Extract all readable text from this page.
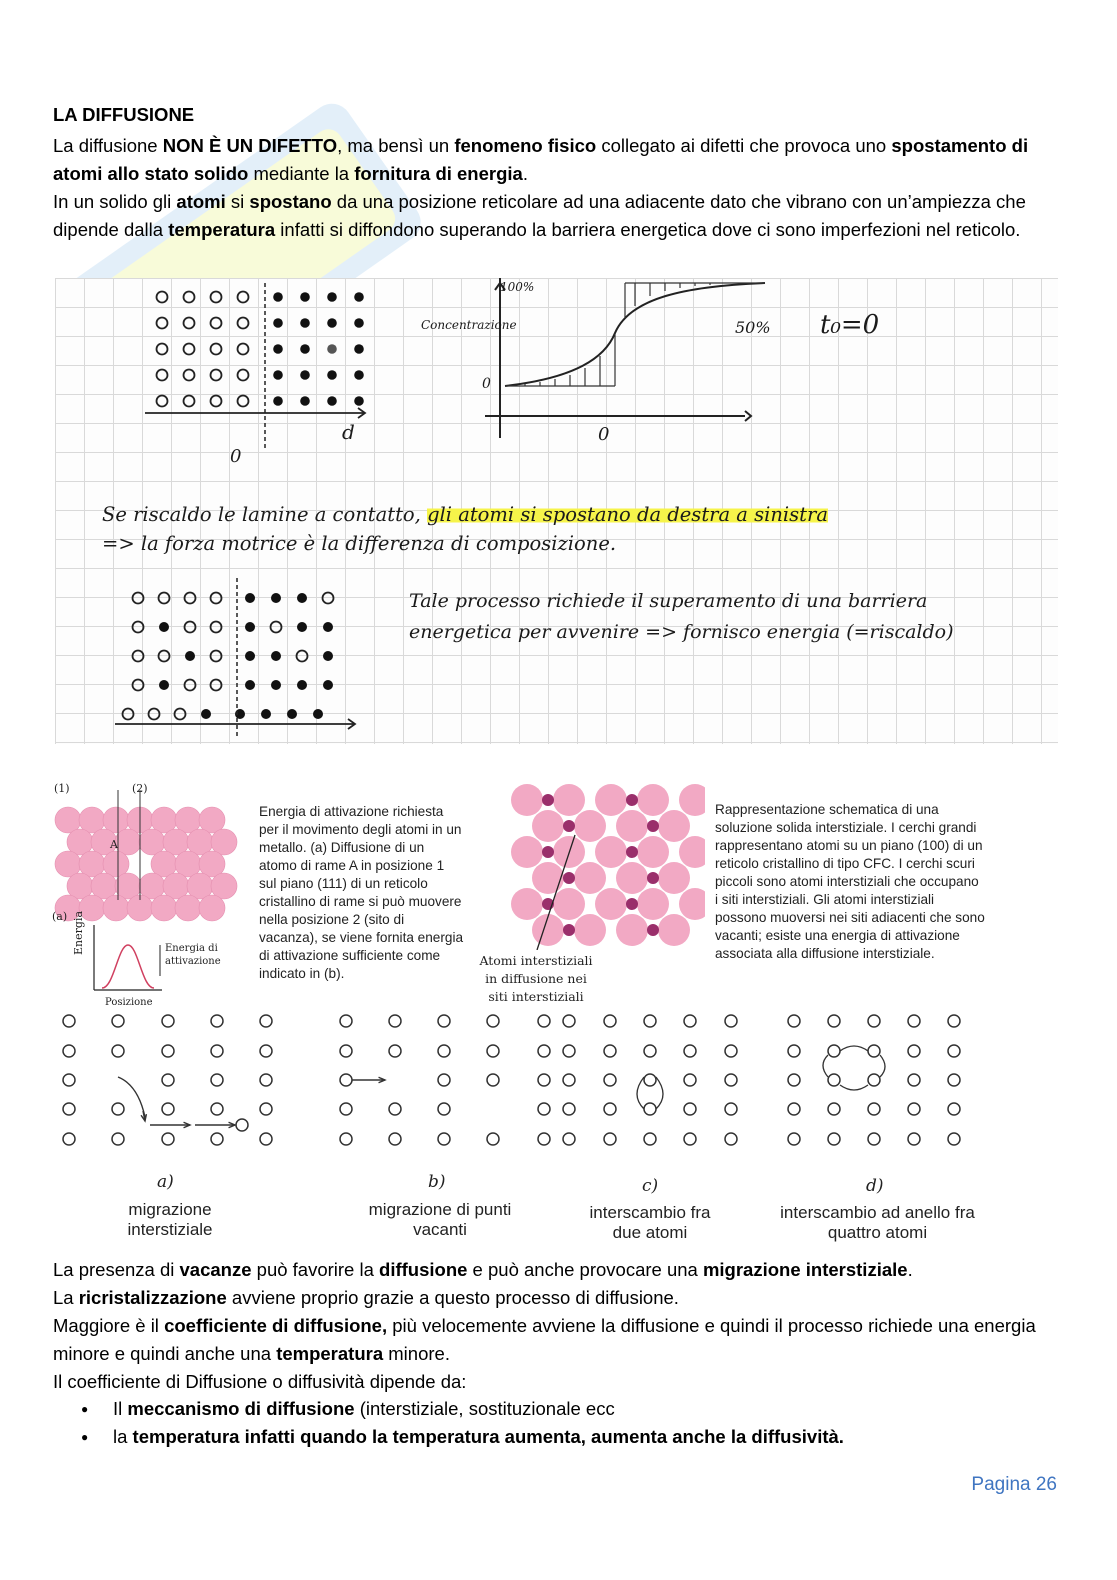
LA DIFFUSIONE
La diffusione NON È UN DIFETTO, ma bensì un fenomeno fisico collegato ai difetti che provoca uno spostamento di atomi allo stato solido mediante la fornitura di energia.
In un solido gli atomi si spostano da una posizione reticolare ad una adiacente dato che vibrano con un’ampiezza che dipende dalla temperatura infatti si diffondono superando la barriera energetica dove ci sono imperfezioni nel reticolo.
0
d
100%
Concentrazione
0
0
50% t₀=0
Se riscaldo le lamine a contatto, gli atomi si spostano da destra a sinistra
=> la forza motrice è la differenza di composizione.
Tale processo richiede il superamento di una barriera
energetica per avvenire => fornisco energia (=riscaldo)
(1)	(2)
A
(a) Energia
Posizione
Energia di attivazione
Energia di attivazione richiesta per il movimento degli atomi in un metallo. (a) Diffusione di un atomo di rame A in posizione 1 sul piano (111) di un reticolo cristallino di rame si può muovere nella posizione 2 (sito di vacanza), se viene fornita energia di attivazione sufficiente come indicato in (b).
Atomi interstiziali in diffusione nei siti interstiziali
Rappresentazione schematica di una soluzione solida interstiziale. I cerchi grandi rappresentano atomi su un piano (100) di un reticolo cristallino di tipo CFC. I cerchi scuri piccoli sono atomi interstiziali che occupano i siti interstiziali. Gli atomi interstiziali possono muoversi nei siti adiacenti che sono vacanti; esiste una energia di attivazione associata alla diffusione interstiziale.
a)
migrazione interstiziale
b)
migrazione di punti vacanti
c)
interscambio fra due atomi
d)
interscambio ad anello fra quattro atomi
La presenza di vacanze può favorire la diffusione e può anche provocare una migrazione interstiziale.
La ricristalizzazione avviene proprio grazie a questo processo di diffusione.
Maggiore è il coefficiente di diffusione, più velocemente avviene la diffusione e quindi il processo richiede una energia minore e quindi anche una temperatura minore.
Il coefficiente di Diffusione o diffusività dipende da:
● Il meccanismo di diffusione (interstiziale, sostituzionale ecc
● la temperatura infatti quando la temperatura aumenta, aumenta anche la diffusività.
Pagina 26
